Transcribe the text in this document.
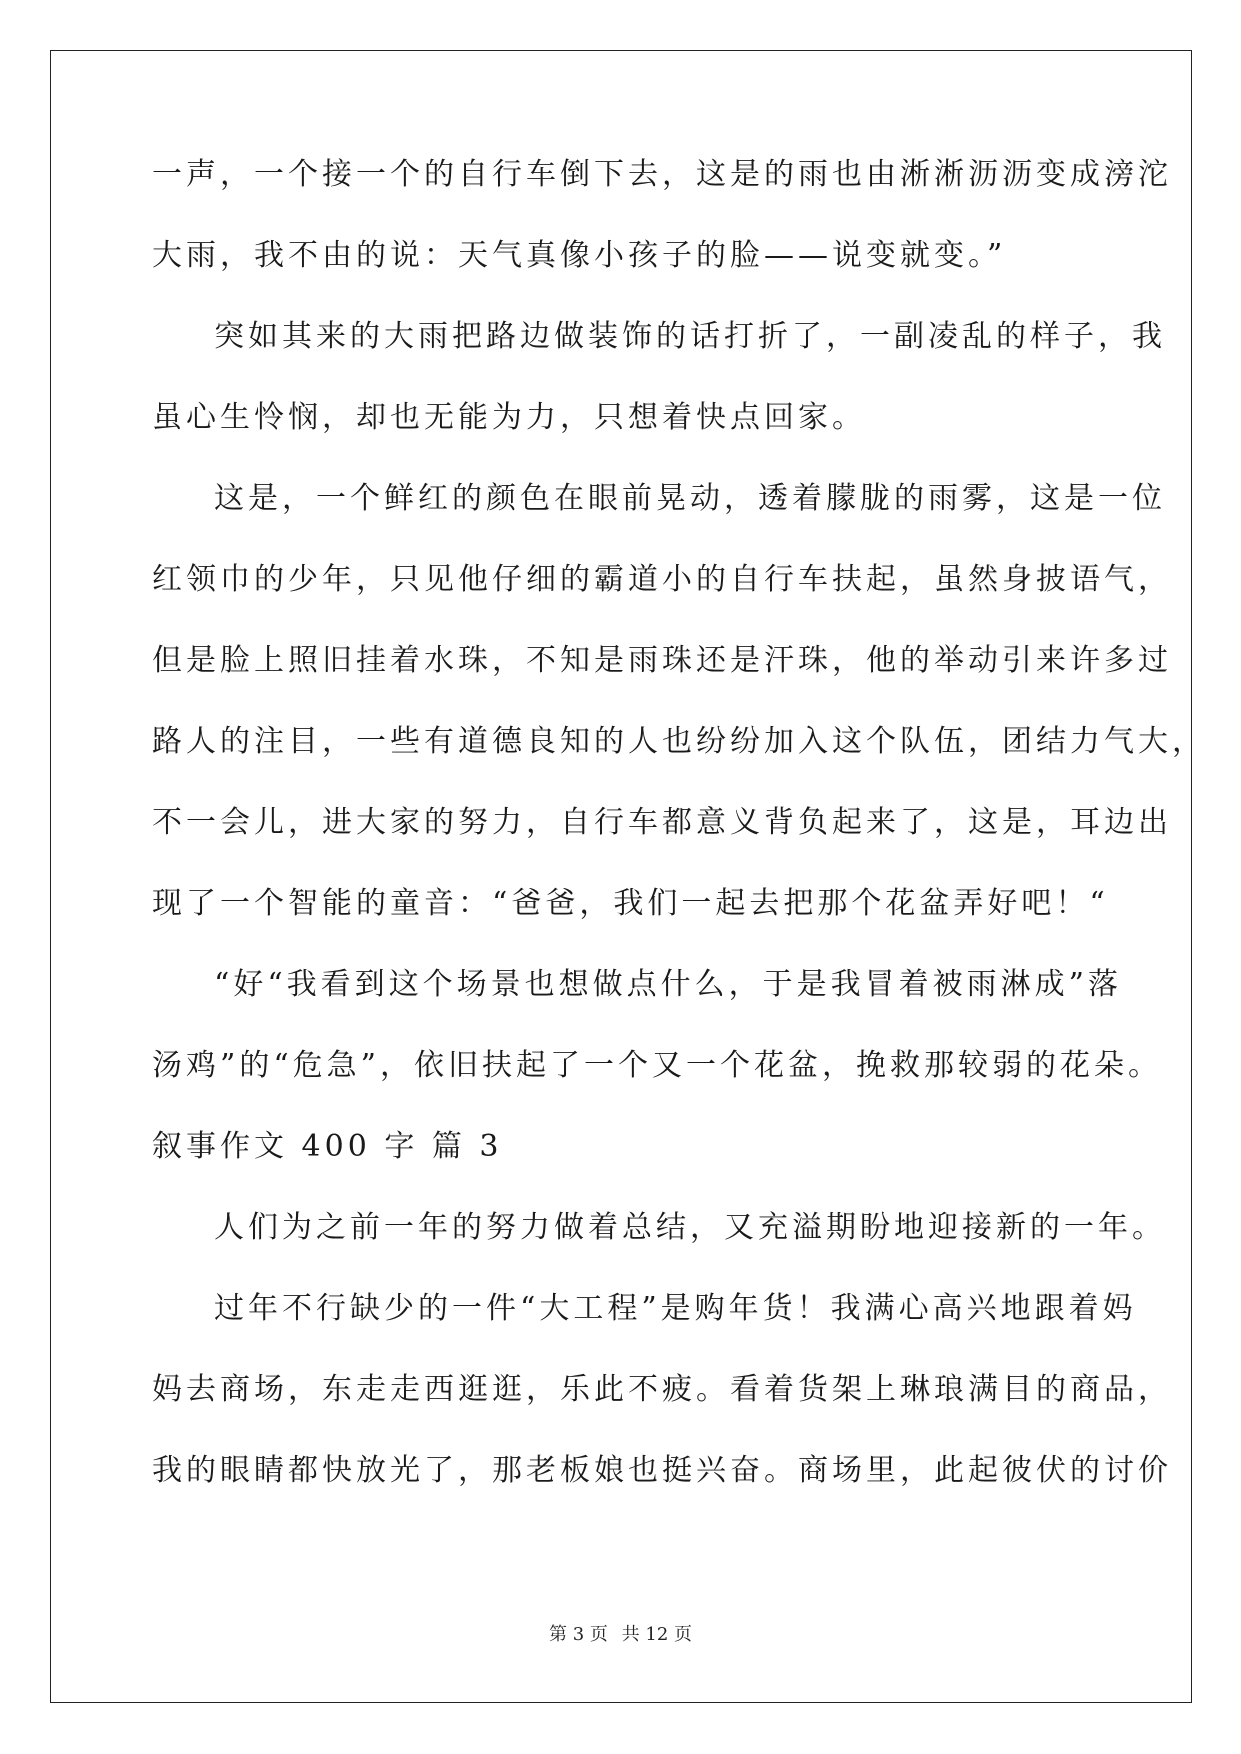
一声，一个接一个的自行车倒下去，这是的雨也由淅淅沥沥变成滂沱
大雨，我不由的说：天气真像小孩子的脸——说变就变。”
突如其来的大雨把路边做装饰的话打折了，一副凌乱的样子，我
虽心生怜悯，却也无能为力，只想着快点回家。
这是，一个鲜红的颜色在眼前晃动，透着朦胧的雨雾，这是一位
红领巾的少年，只见他仔细的霸道小的自行车扶起，虽然身披语气，
但是脸上照旧挂着水珠，不知是雨珠还是汗珠，他的举动引来许多过
路人的注目，一些有道德良知的人也纷纷加入这个队伍，团结力气大，
不一会儿，进大家的努力，自行车都意义背负起来了，这是，耳边出
现了一个智能的童音：“爸爸，我们一起去把那个花盆弄好吧！“
“好“我看到这个场景也想做点什么，于是我冒着被雨淋成”落
汤鸡”的“危急”，依旧扶起了一个又一个花盆，挽救那较弱的花朵。
叙事作文 400 字 篇 3
人们为之前一年的努力做着总结，又充溢期盼地迎接新的一年。
过年不行缺少的一件“大工程”是购年货！我满心高兴地跟着妈
妈去商场，东走走西逛逛，乐此不疲。看着货架上琳琅满目的商品，
我的眼睛都快放光了，那老板娘也挺兴奋。商场里，此起彼伏的讨价
第 3 页 共 12 页
